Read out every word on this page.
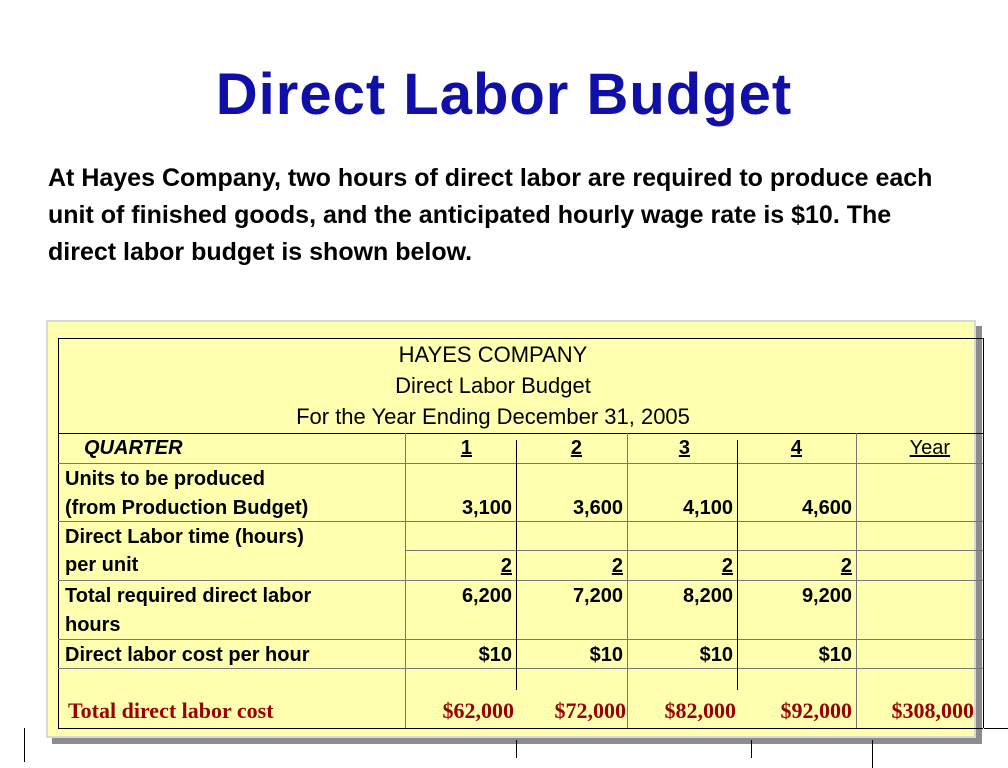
Direct Labor Budget
At Hayes Company, two hours of direct labor are required to produce each unit of finished goods, and the anticipated hourly wage rate is $10. The direct labor budget is shown below.
HAYES COMPANY
Direct Labor Budget
For the Year Ending December 31, 2005
QUARTER	1	2	3	4	Year
Units to be produced
(from Production Budget)	3,100	3,600	4,100	4,600
Direct Labor time (hours)
per unit	2	2	2	2
Total required direct labor
hours
6,200	7,200	8,200	9,200
Direct labor cost per hour	$10	$10	$10	$10
Total direct labor cost	$62,000	$72,000	$82,000	$92,000	$308,000
